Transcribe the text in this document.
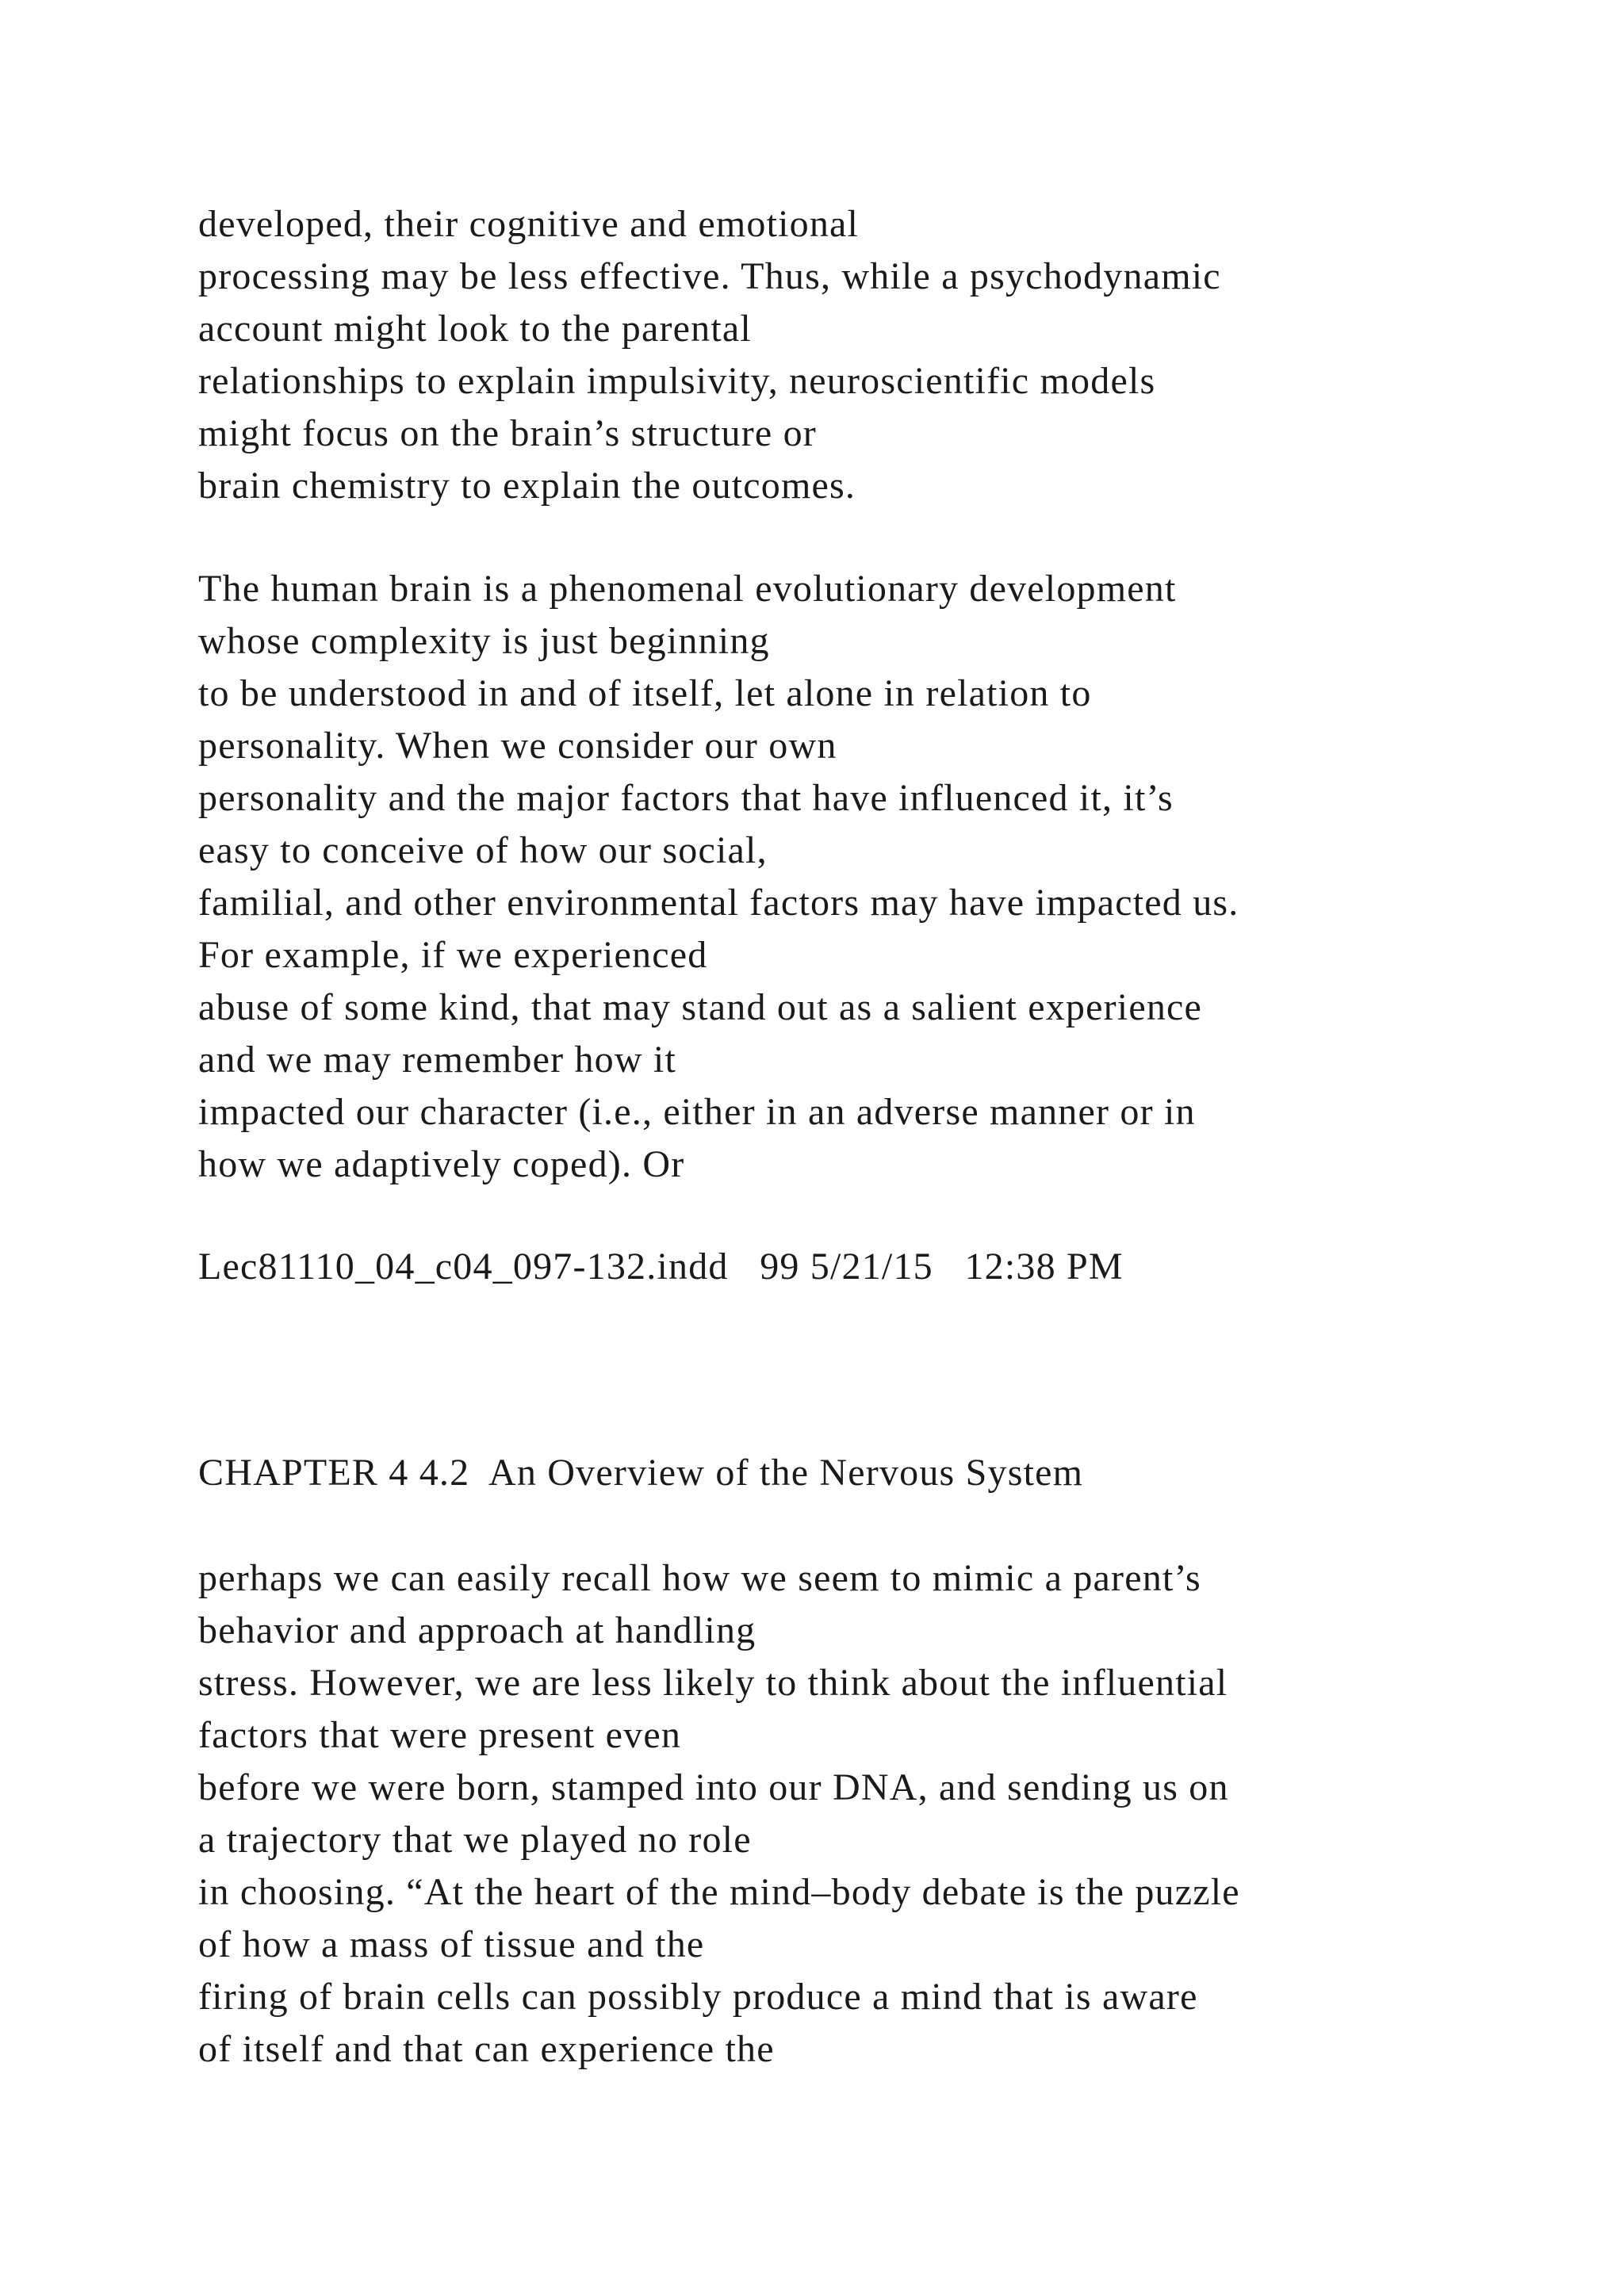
developed, their cognitive and emotional
processing may be less effective. Thus, while a psychodynamic
account might look to the parental
relationships to explain impulsivity, neuroscientific models
might focus on the brain’s structure or
brain chemistry to explain the outcomes.
The human brain is a phenomenal evolutionary development
whose complexity is just beginning
to be understood in and of itself, let alone in relation to
personality. When we consider our own
personality and the major factors that have influenced it, it’s
easy to conceive of how our social,
familial, and other environmental factors may have impacted us.
For example, if we experienced
abuse of some kind, that may stand out as a salient experience
and we may remember how it
impacted our character (i.e., either in an adverse manner or in
how we adaptively coped). Or
Lec81110_04_c04_097-132.indd   99 5/21/15   12:38 PM
CHAPTER 4 4.2  An Overview of the Nervous System
perhaps we can easily recall how we seem to mimic a parent’s
behavior and approach at handling
stress. However, we are less likely to think about the influential
factors that were present even
before we were born, stamped into our DNA, and sending us on
a trajectory that we played no role
in choosing. “At the heart of the mind–body debate is the puzzle
of how a mass of tissue and the
firing of brain cells can possibly produce a mind that is aware
of itself and that can experience the
